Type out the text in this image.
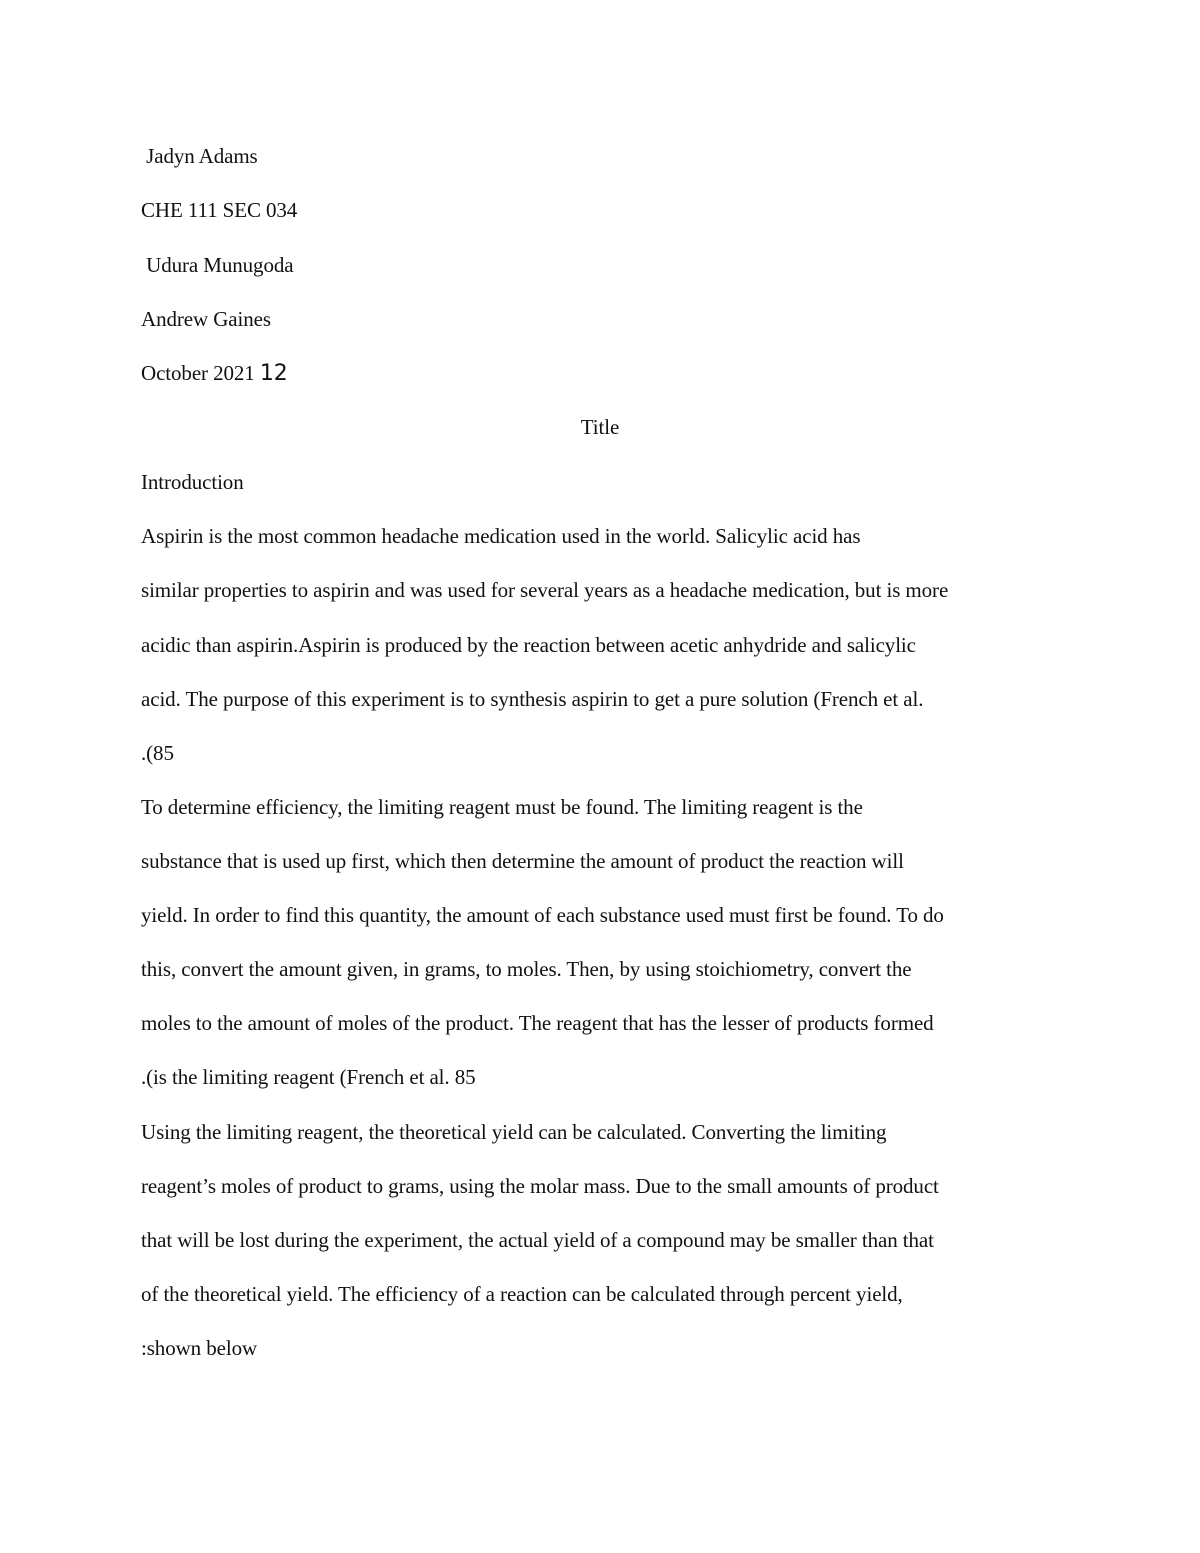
Jadyn Adams
CHE 111 SEC 034
Udura Munugoda
Andrew Gaines
October 2021 12
Title
Introduction
Aspirin is the most common headache medication used in the world. Salicylic acid has
similar properties to aspirin and was used for several years as a headache medication, but is more
acidic than aspirin.Aspirin is produced by the reaction between acetic anhydride and salicylic
acid. The purpose of this experiment is to synthesis aspirin to get a pure solution (French et al.
.(85
To determine efficiency, the limiting reagent must be found. The limiting reagent is the
substance that is used up first, which then determine the amount of product the reaction will
yield. In order to find this quantity, the amount of each substance used must first be found. To do
this, convert the amount given, in grams, to moles. Then, by using stoichiometry, convert the
moles to the amount of moles of the product. The reagent that has the lesser of products formed
.(is the limiting reagent (French et al. 85
Using the limiting reagent, the theoretical yield can be calculated. Converting the limiting
reagent’s moles of product to grams, using the molar mass. Due to the small amounts of product
that will be lost during the experiment, the actual yield of a compound may be smaller than that
of the theoretical yield. The efficiency of a reaction can be calculated through percent yield,
:shown below
